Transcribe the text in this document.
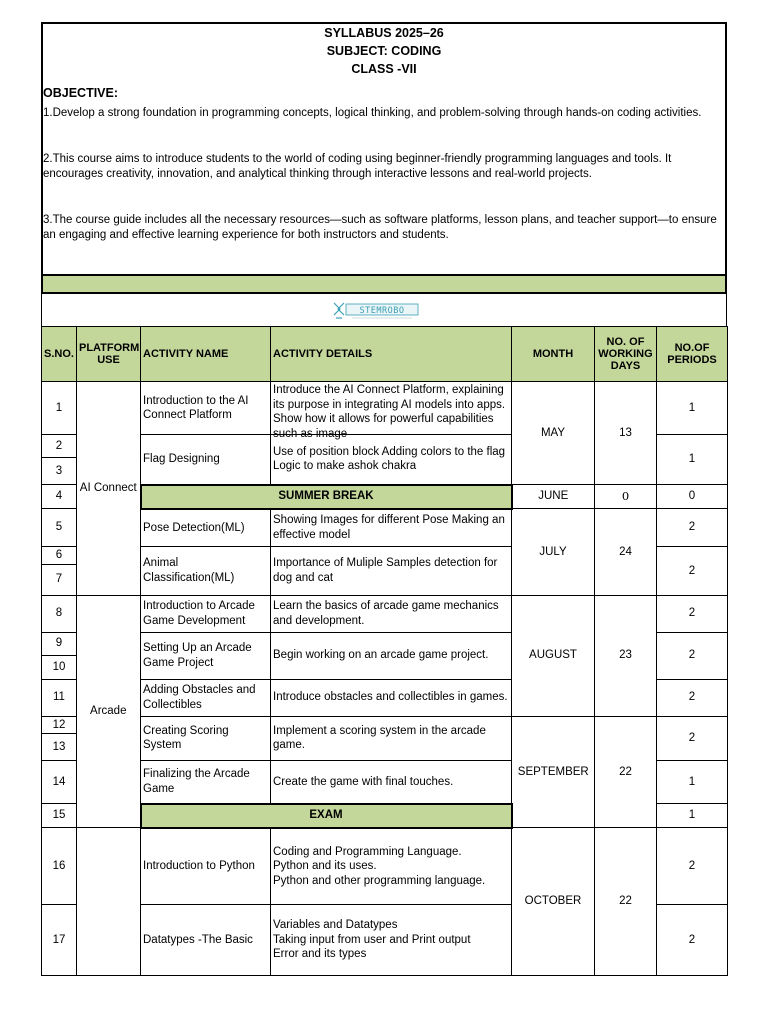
SYLLABUS 2025–26
SUBJECT: CODING
CLASS -VII
OBJECTIVE:
1.Develop a strong foundation in programming concepts, logical thinking, and problem-solving through hands-on coding activities.
2.This course aims to introduce students to the world of coding using beginner-friendly programming languages and tools. It encourages creativity, innovation, and analytical thinking through interactive lessons and real-world projects.
3.The course guide includes all the necessary resources—such as software platforms, lesson plans, and teacher support—to ensure an engaging and effective learning experience for both instructors and students.
STEMROBO
S.NO.	PLATFORM USE	ACTIVITY NAME	ACTIVITY DETAILS	MONTH	NO. OF WORKING DAYS	NO.OF PERIODS
1	AI Connect	Introduction to the AI Connect Platform	Introduce the AI Connect Platform, explaining its purpose in integrating AI models into apps. Show how it allows for powerful capabilities such as image	MAY	13	1
2		Flag Designing	Use of position block Adding colors to the flag Logic to make ashok chakra			1
3						
4		SUMMER BREAK		JUNE	0	0
5		Pose Detection(ML)	Showing Images for different Pose Making an effective model	JULY	24	2
6		Animal Classification(ML)	Importance of Muliple Samples detection for dog and cat			2
7						
8	Arcade	Introduction to Arcade Game Development	Learn the basics of arcade game mechanics and development.	AUGUST	23	2
9		Setting Up an Arcade Game Project	Begin working on an arcade game project.			2
10						
11		Adding Obstacles and Collectibles	Introduce obstacles and collectibles in games.			2
12		Creating Scoring System	Implement a scoring system in the arcade game.	SEPTEMBER	22	2
13						
14		Finalizing the Arcade Game	Create the game with final touches.			1
15		EXAM				1
16		Introduction to Python	Coding and Programming Language.
Python and its uses.
Python and other programming language.	OCTOBER	22	2
17		Datatypes -The Basic	Variables and Datatypes
Taking input from user and Print output
Error and its types			2
